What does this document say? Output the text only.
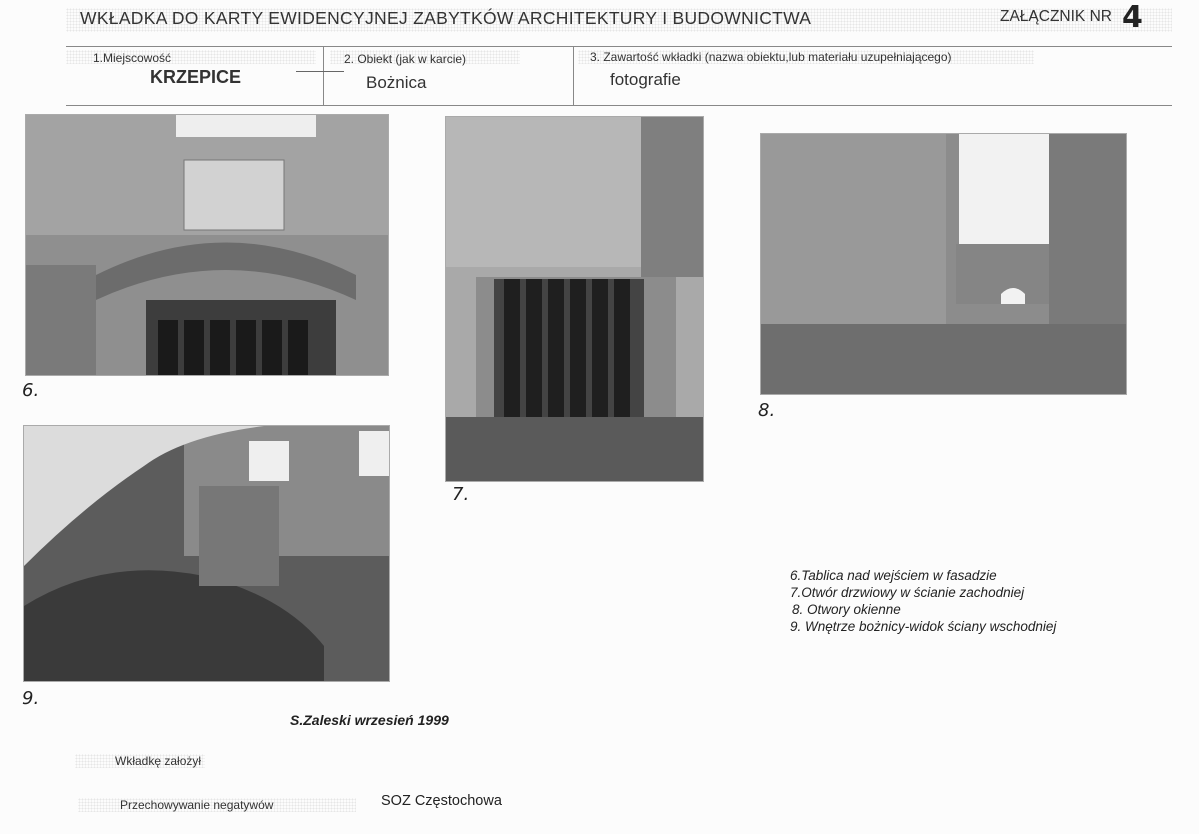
WKŁADKA DO KARTY EWIDENCYJNEJ ZABYTKÓW ARCHITEKTURY I BUDOWNICTWA	ZAŁĄCZNIK NR 4
1.Miejscowość
KRZEPICE
2. Obiekt (jak w karcie)
Bożnica
3. Zawartość wkładki (nazwa obiektu,lub materiału uzupełniającego)
fotografie
6.
7.
8.
9.
6.Tablica nad wejściem w fasadzie
7.Otwór drzwiowy w ścianie zachodniej
8. Otwory okienne
9. Wnętrze bożnicy-widok ściany wschodniej
S.Zaleski wrzesień 1999
Wkładkę założył
Przechowywanie negatywów	SOZ Częstochowa
